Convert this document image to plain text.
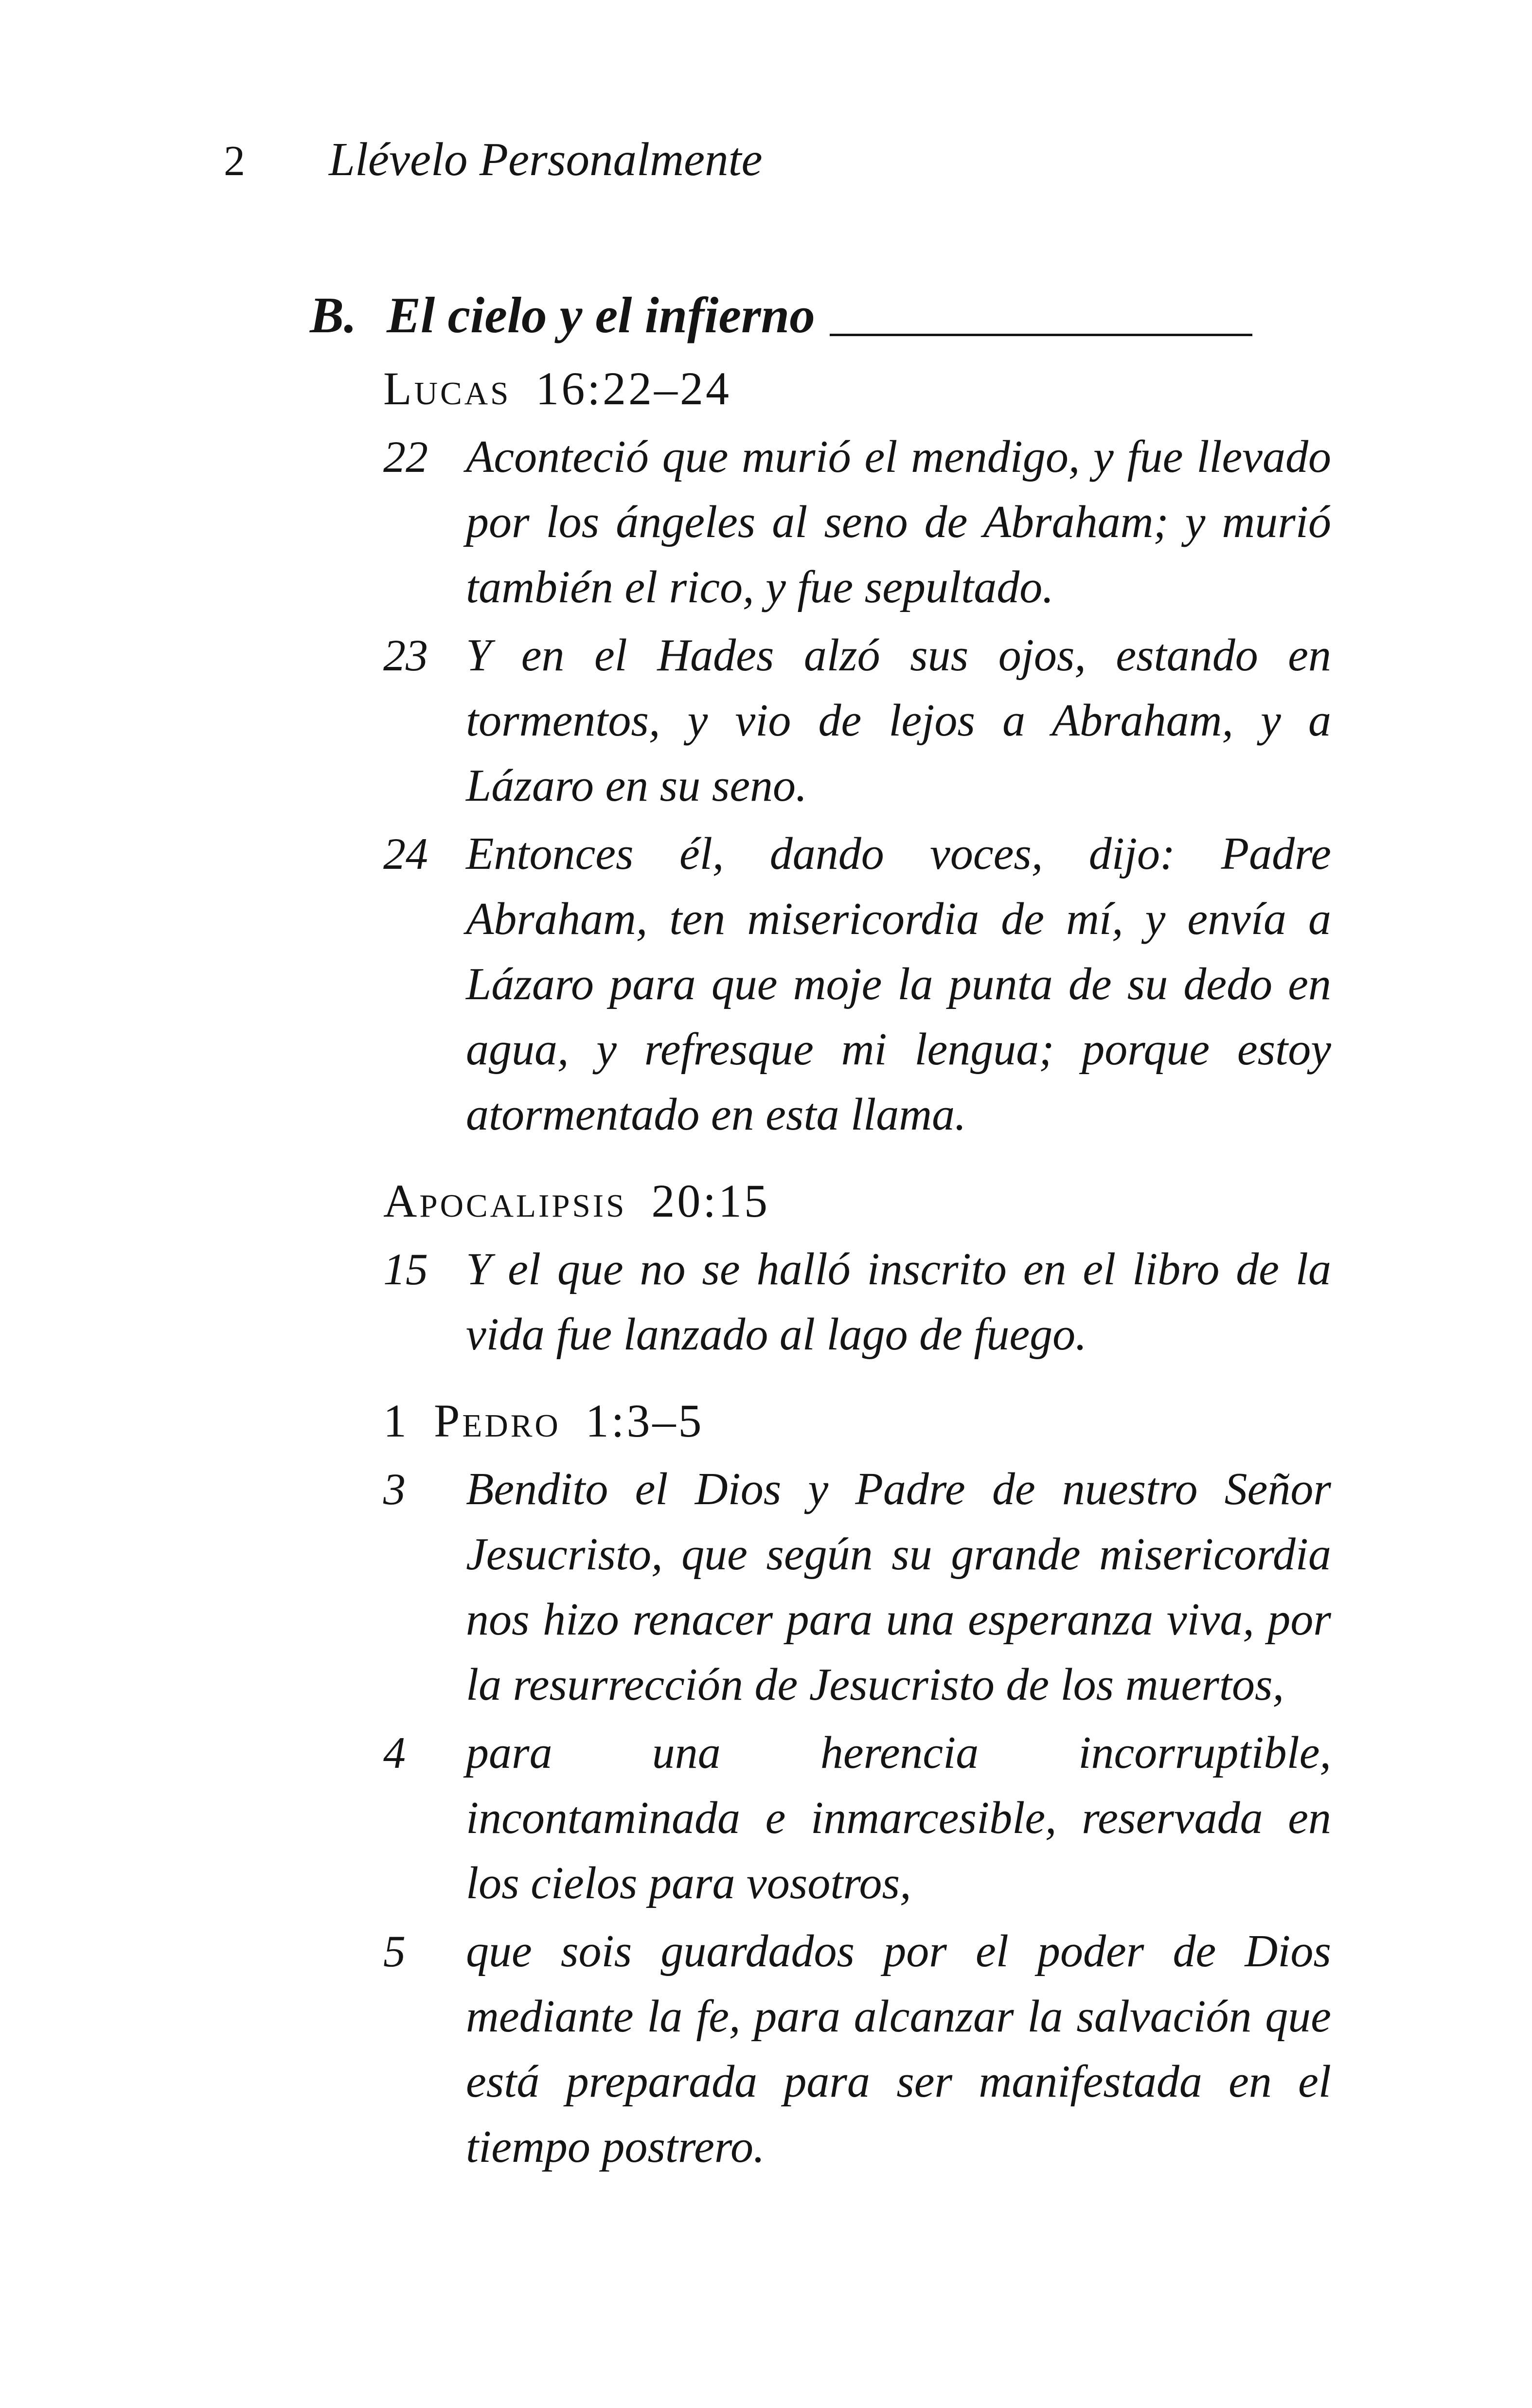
2 Llévelo Personalmente
B. El cielo y el infierno
Lucas 16:22–24
22 Aconteció que murió el mendigo, y fue llevado por los ángeles al seno de Abraham; y murió también el rico, y fue sepultado.

23 Y en el Hades alzó sus ojos, estando en tormentos, y vio de lejos a Abraham, y a Lázaro en su seno.

24 Entonces él, dando voces, dijo: Padre Abraham, ten misericordia de mí, y envía a Lázaro para que moje la punta de su dedo en agua, y refresque mi lengua; porque estoy atormentado en esta llama.

Apocalipsis 20:15
15 Y el que no se halló inscrito en el libro de la vida fue lanzado al lago de fuego.

1 Pedro 1:3–5
3	Bendito el Dios y Padre de nuestro Señor Jesucristo, que según su grande misericordia nos hizo renacer para una esperanza viva, por la resurrección de Jesucristo de los muertos,

4	para una herencia incorruptible, incontaminada e inmarcesible, reservada en los cielos para vosotros,

5	que sois guardados por el poder de Dios mediante la fe, para alcanzar la salvación que está preparada para ser manifestada en el tiempo postrero.
